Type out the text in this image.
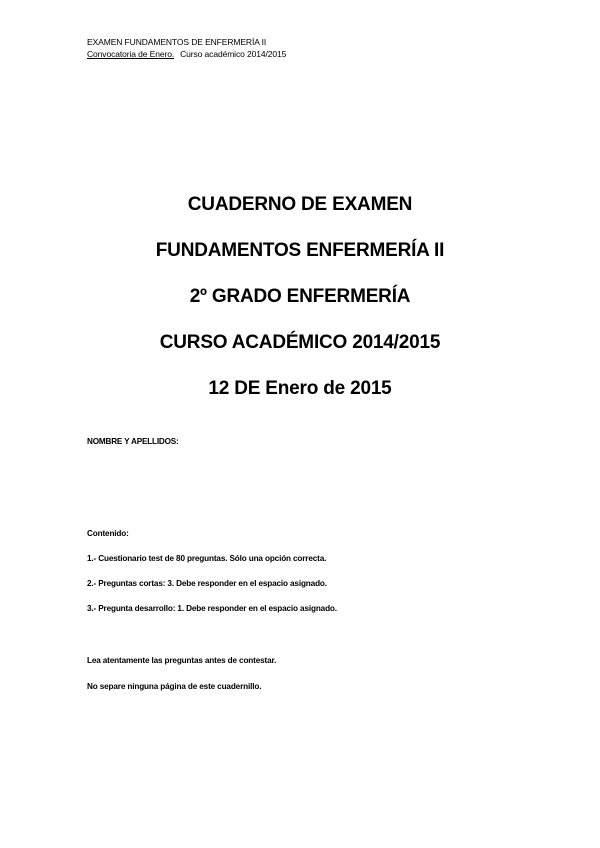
EXAMEN FUNDAMENTOS DE ENFERMERÍA II
Convocatoria de Enero. Curso académico 2014/2015
CUADERNO DE EXAMEN
FUNDAMENTOS ENFERMERÍA II
2º GRADO ENFERMERÍA
CURSO ACADÉMICO 2014/2015
12 DE Enero de 2015
NOMBRE Y APELLIDOS:
Contenido:
1.- Cuestionario test de 80 preguntas. Sólo una opción correcta.
2.- Preguntas cortas: 3. Debe responder en el espacio asignado.
3.- Pregunta desarrollo: 1. Debe responder en el espacio asignado.
Lea atentamente las preguntas antes de contestar.
No separe ninguna página de este cuadernillo.
